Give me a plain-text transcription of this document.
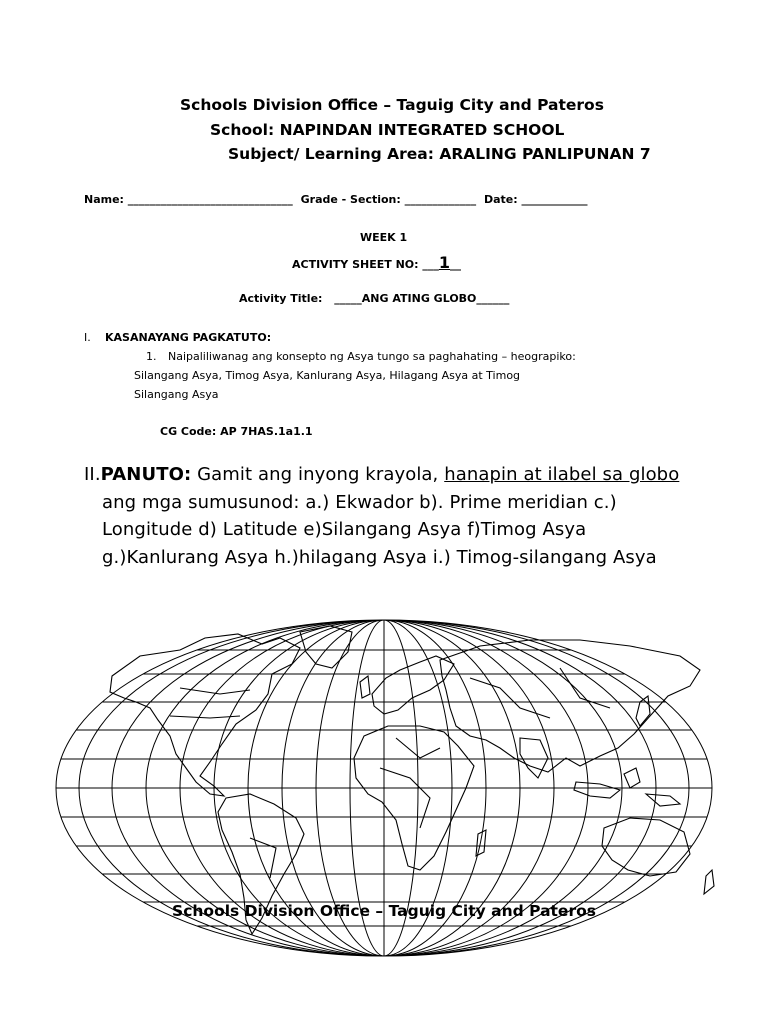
Schools Division Office – Taguig City and Pateros
School: NAPINDAN INTEGRATED SCHOOL
Subject/ Learning Area: ARALING PANLIPUNAN 7
Name: ______________________________ Grade - Section: _____________ Date: ____________
WEEK 1
ACTIVITY SHEET NO: ___1__
Activity Title: _____ANG ATING GLOBO______
I. KASANAYANG PAGKATUTO:
1. Naipaliliwanag ang konsepto ng Asya tungo sa paghahating – heograpiko:
Silangang Asya, Timog Asya, Kanlurang Asya, Hilagang Asya at Timog
Silangang Asya
CG Code: AP 7HAS.1a1.1
II.PANUTO: Gamit ang inyong krayola, hanapin at ilabel sa globo
ang mga sumusunod: a.) Ekwador b). Prime meridian c.)
Longitude d) Latitude e)Silangang Asya f)Timog Asya
g.)Kanlurang Asya h.)hilagang Asya i.) Timog-silangang Asya
Schools Division Office – Taguig City and Pateros
